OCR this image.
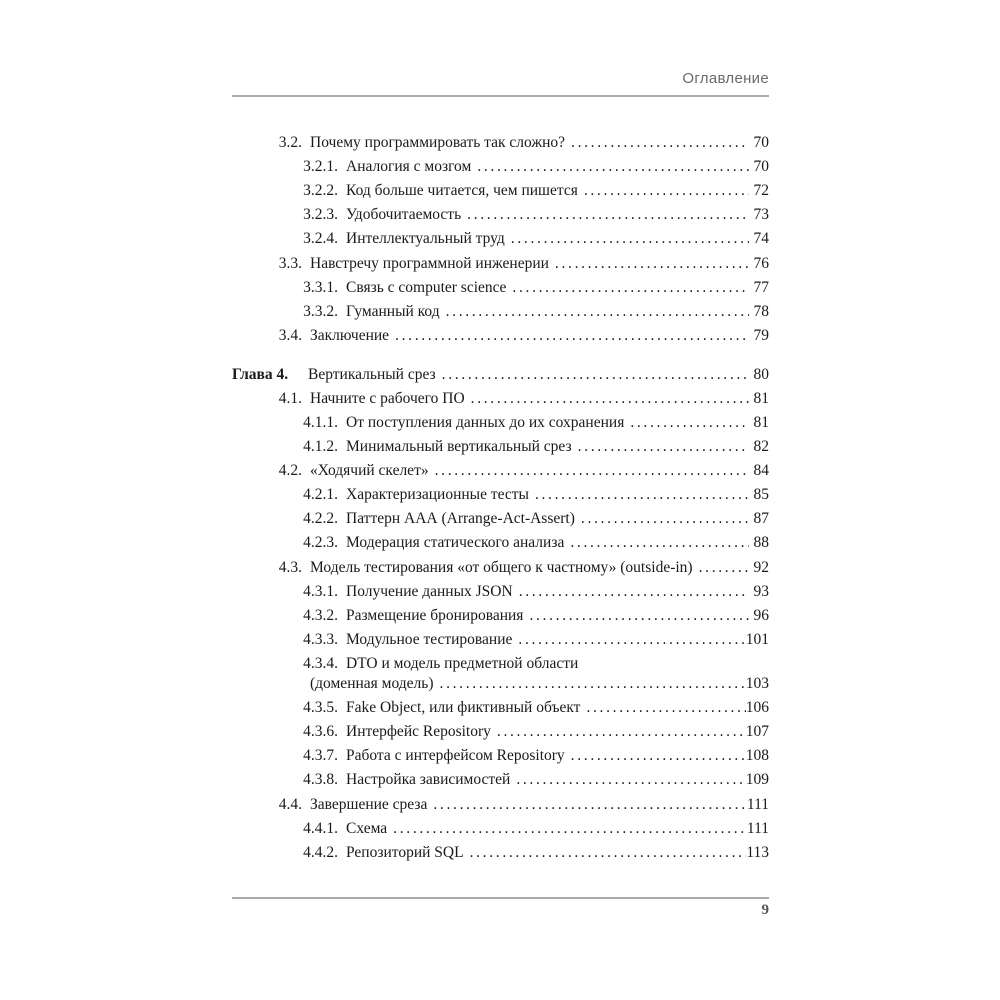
Оглавление
3.2. Почему программировать так сложно? . . .	70
3.2.1. Аналогия с мозгом . . .	70
3.2.2. Код больше читается, чем пишется . . .	72
3.2.3. Удобочитаемость . . .	73
3.2.4. Интеллектуальный труд . . .	74
3.3. Навстречу программной инженерии . . .	76
3.3.1. Связь с computer science . . .	77
3.3.2. Гуманный код . . .	78
3.4. Заключение . . .	79
Глава 4.	Вертикальный срез . . .	80
4.1. Начните с рабочего ПО . . .	81
4.1.1. От поступления данных до их сохранения . . .	81
4.1.2. Минимальный вертикальный срез . . .	82
4.2. «Ходячий скелет» . . .	84
4.2.1. Характеризационные тесты . . .	85
4.2.2. Паттерн ААА (Arrange-Act-Assert) . . .	87
4.2.3. Модерация статического анализа . . .	88
4.3. Модель тестирования «от общего к частному» (outside-in) . . .	92
4.3.1. Получение данных JSON . . .	93
4.3.2. Размещение бронирования . . .	96
4.3.3. Модульное тестирование . . .	101
4.3.4. DTO и модель предметной области
(доменная модель) . . .	103
4.3.5. Fake Object, или фиктивный объект . . .	106
4.3.6. Интерфейс Repository . . .	107
4.3.7. Работа с интерфейсом Repository . . .	108
4.3.8. Настройка зависимостей . . .	109
4.4. Завершение среза . . .	111
4.4.1. Схема . . .	111
4.4.2. Репозиторий SQL . . .	113
9
